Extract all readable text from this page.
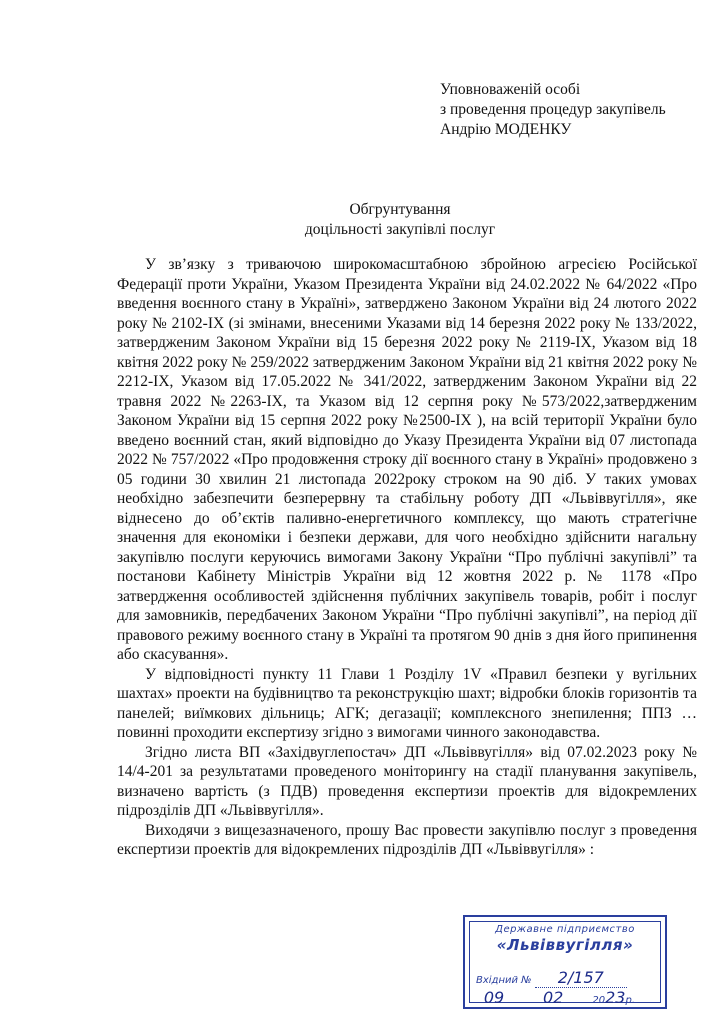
Уповноваженій особі
з проведення процедур закупівель
Андрію МОДЕНКУ
Обгрунтування
доцільності закупівлі послуг

У зв’язку з триваючою широкомасштабною збройною агресією Російської Федерації проти України, Указом Президента України від 24.02.2022 № 64/2022 «Про введення воєнного стану в Україні», затверджено Законом України від 24 лютого 2022 року № 2102-IX (зі змінами, внесеними Указами від 14 березня 2022 року № 133/2022, затвердженим Законом України від 15 березня 2022 року № 2119-IX, Указом від 18 квітня 2022 року № 259/2022 затвердженим Законом України від 21 квітня 2022 року № 2212-IX, Указом від 17.05.2022 № 341/2022, затвердженим Законом України від 22 травня 2022 №2263-IX, та Указом від 12 серпня року №573/2022,затвердженим Законом України від 15 серпня 2022 року №2500-IX ), на всій території України було введено воєнний стан, який відповідно до Указу Президента України від 07 листопада 2022 № 757/2022 «Про продовження строку дії воєнного стану в Україні» продовжено з 05 години 30 хвилин 21 листопада 2022року строком на 90 діб. У таких умовах необхідно забезпечити безперервну та стабільну роботу ДП «Львіввугілля», яке віднесено до об’єктів паливно-енергетичного комплексу, що мають стратегічне значення для економіки і безпеки держави, для чого необхідно здійснити нагальну закупівлю послуги керуючись вимогами Закону України “Про публічні закупівлі” та постанови Кабінету Міністрів України від 12 жовтня 2022 р. № 1178 «Про затвердження особливостей здійснення публічних закупівель товарів, робіт і послуг для замовників, передбачених Законом України “Про публічні закупівлі”, на період дії правового режиму воєнного стану в Україні та протягом 90 днів з дня його припинення або скасування».

У відповідності пункту 11 Глави 1 Розділу 1V «Правил безпеки у вугільних шахтах» проекти на будівництво та реконструкцію шахт; відробки блоків горизонтів та панелей; виїмкових дільниць; АГК; дегазації; комплексного знепилення; ППЗ …повинні проходити експертизу згідно з вимогами чинного законодавства.

Згідно листа ВП «Західвуглепостач» ДП «Львіввугілля» від 07.02.2023 року № 14/4-201 за результатами проведеного моніторингу на стадії планування закупівель, визначено вартість (з ПДВ) проведення експертизи проектів для відокремлених підрозділів ДП «Львіввугілля».

Виходячи з вищезазначеного, прошу Вас провести закупівлю послуг з проведення експертизи проектів для відокремлених підрозділів ДП «Львіввугілля» :

Державне підприємство
«Львіввугілля»
Вхідний № 2/157
09 02	2023р.
